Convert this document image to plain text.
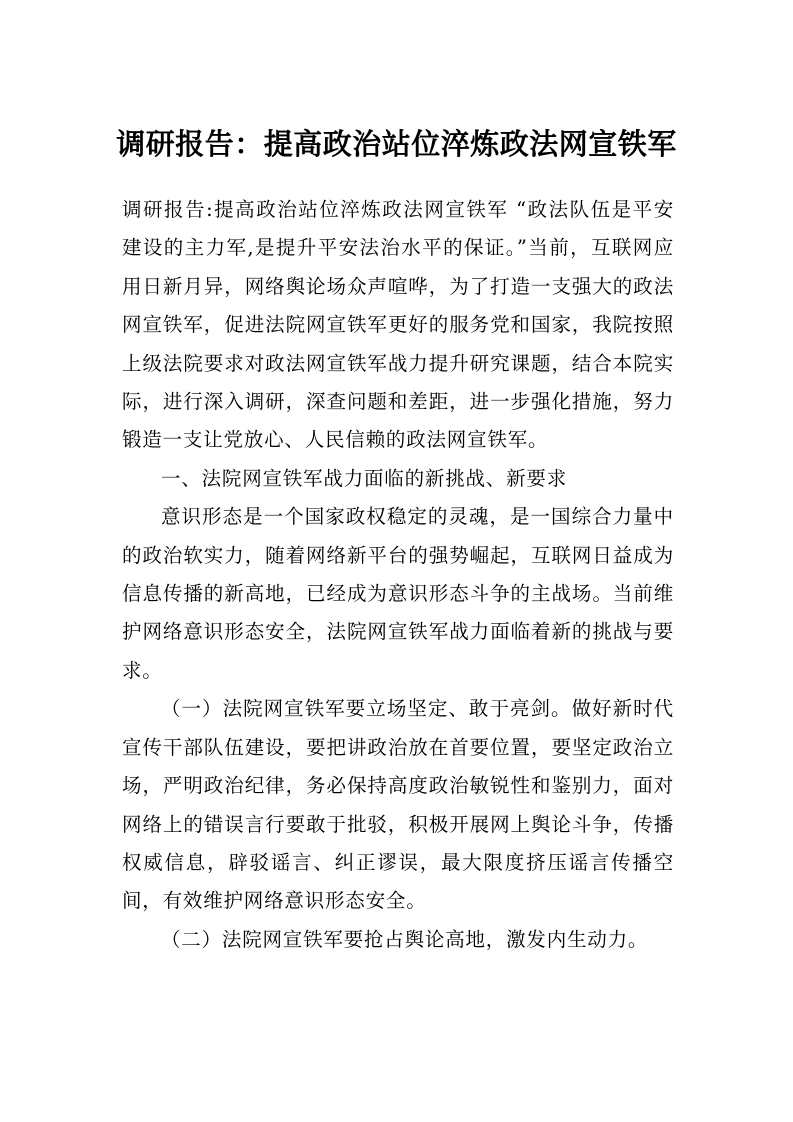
调研报告：提高政治站位淬炼政法网宣铁军

调研报告:提高政治站位淬炼政法网宣铁军 “政法队伍是平安建设的主力军,是提升平安法治水平的保证。”当前，互联网应用日新月异，网络舆论场众声喧哗，为了打造一支强大的政法网宣铁军，促进法院网宣铁军更好的服务党和国家，我院按照上级法院要求对政法网宣铁军战力提升研究课题，结合本院实际，进行深入调研，深查问题和差距，进一步强化措施，努力锻造一支让党放心、人民信赖的政法网宣铁军。

一、法院网宣铁军战力面临的新挑战、新要求

意识形态是一个国家政权稳定的灵魂，是一国综合力量中的政治软实力，随着网络新平台的强势崛起，互联网日益成为信息传播的新高地，已经成为意识形态斗争的主战场。当前维护网络意识形态安全，法院网宣铁军战力面临着新的挑战与要求。

（一）法院网宣铁军要立场坚定、敢于亮剑。做好新时代宣传干部队伍建设，要把讲政治放在首要位置，要坚定政治立场，严明政治纪律，务必保持高度政治敏锐性和鉴别力，面对网络上的错误言行要敢于批驳，积极开展网上舆论斗争，传播权威信息，辟驳谣言、纠正谬误，最大限度挤压谣言传播空间，有效维护网络意识形态安全。

（二）法院网宣铁军要抢占舆论高地，激发内生动力。
